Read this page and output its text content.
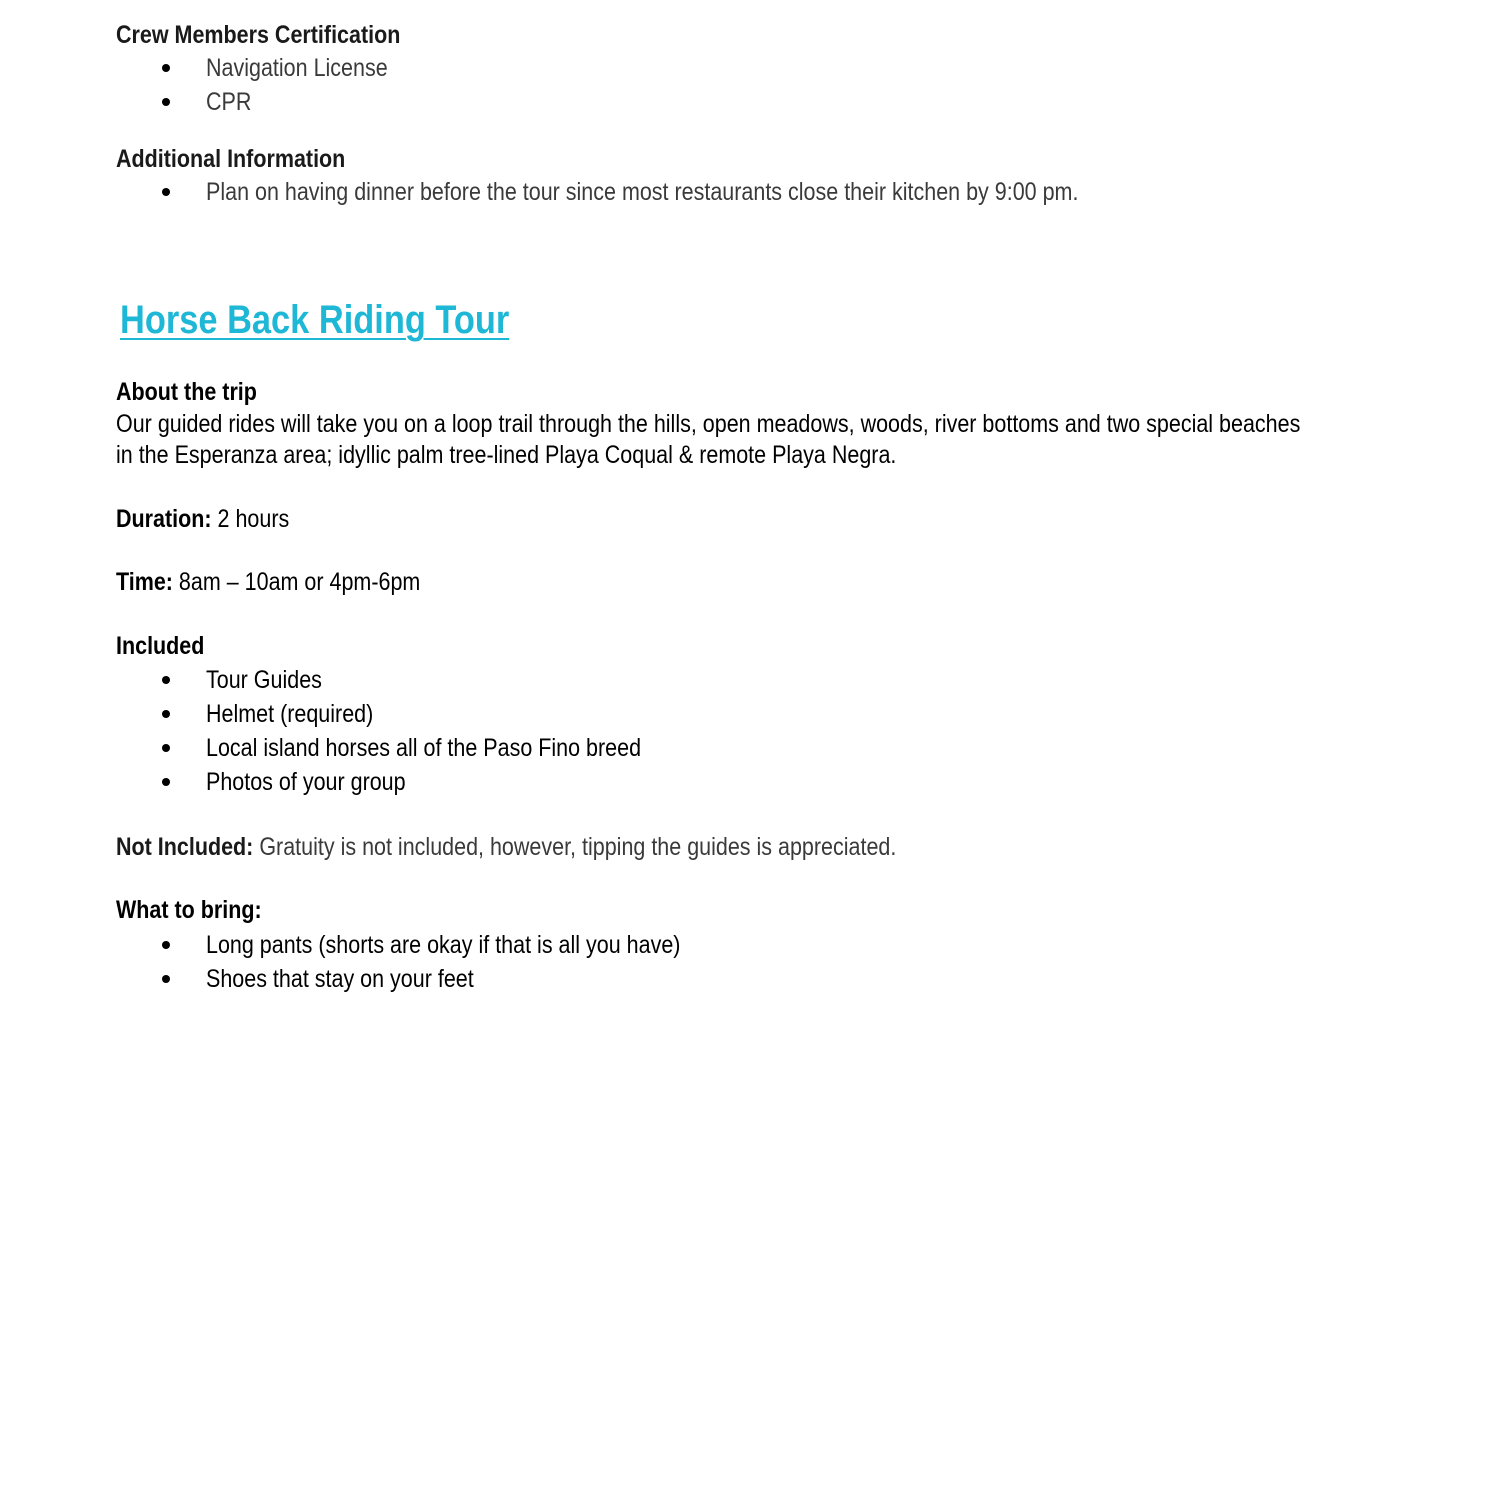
Crew Members Certification

Navigation License
CPR

Additional Information

Plan on having dinner before the tour since most restaurants close their kitchen by 9:00 pm.
Horse Back Riding Tour

About the trip

Our guided rides will take you on a loop trail through the hills, open meadows, woods, river bottoms and two special beaches

in the Esperanza area; idyllic palm tree-lined Playa Coqual & remote Playa Negra.

Duration: 2 hours

Time: 8am – 10am or 4pm-6pm

Included

Tour Guides
Helmet (required)
Local island horses all of the Paso Fino breed
Photos of your group

Not Included: Gratuity is not included, however, tipping the guides is appreciated.

What to bring:

Long pants (shorts are okay if that is all you have)
Shoes that stay on your feet
